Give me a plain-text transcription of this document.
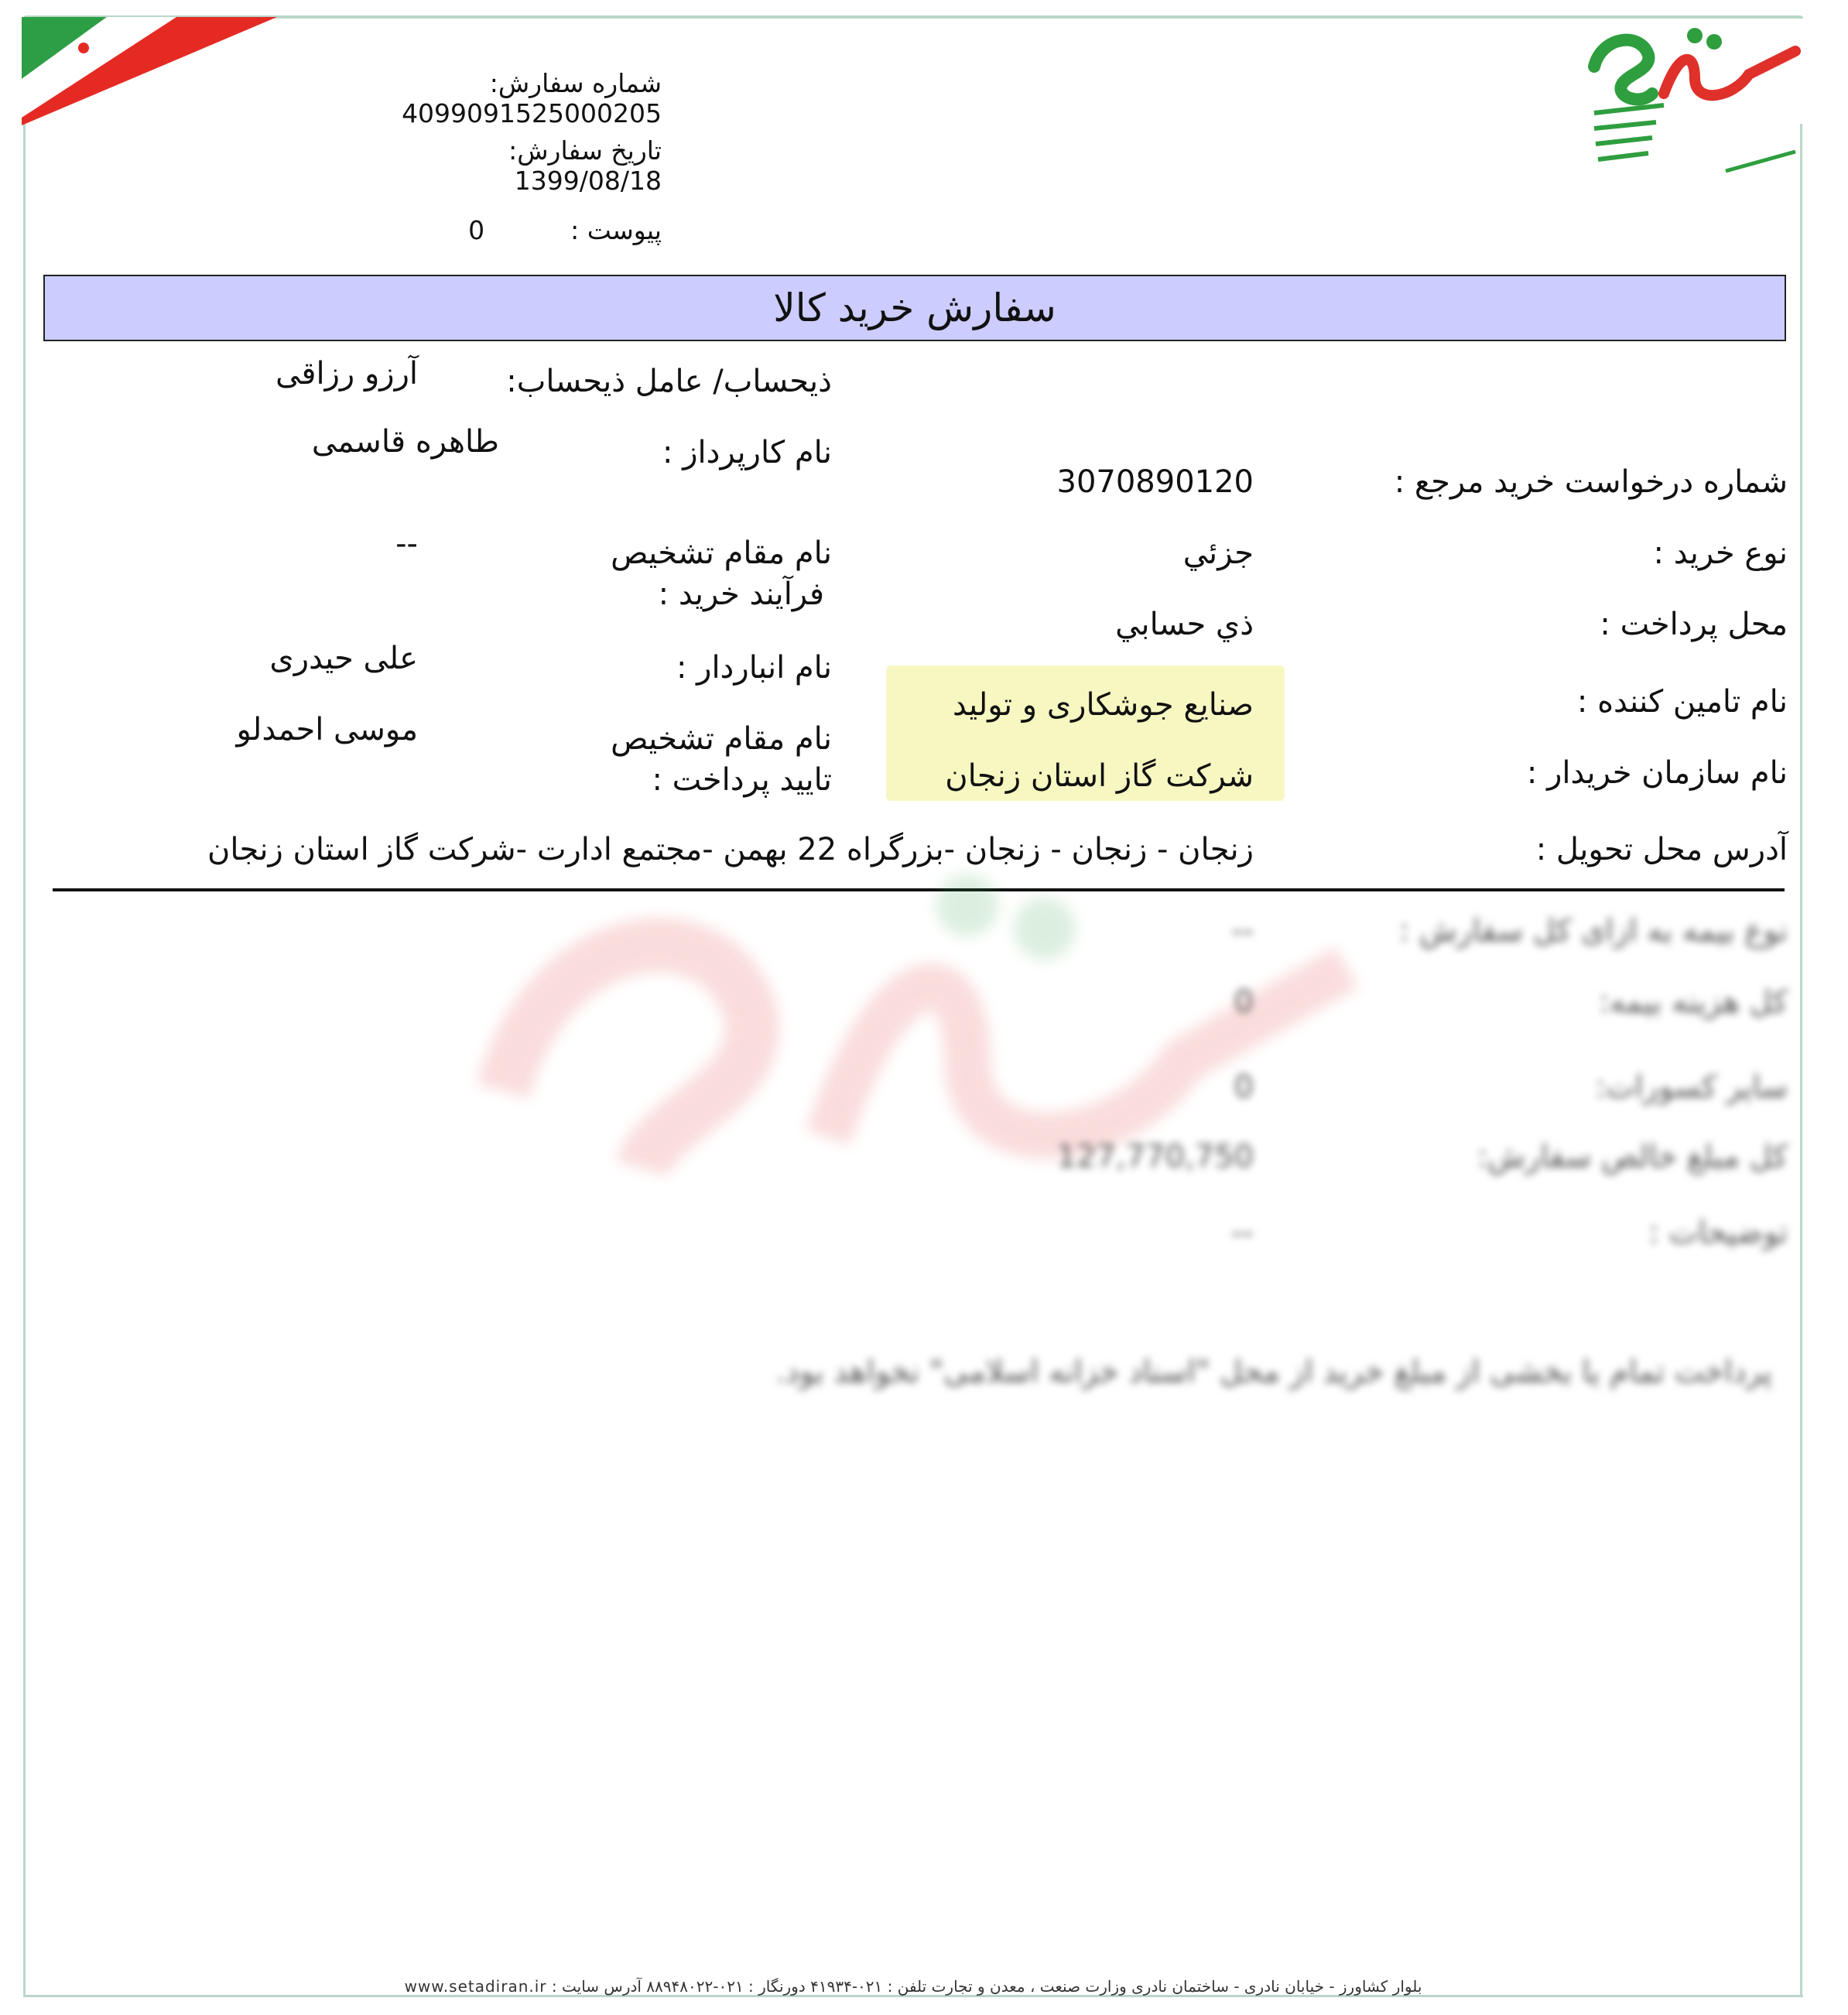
شماره سفارش: 4099091525000205
تاریخ سفارش:  1399/08/18
پیوست :  0
سفارش خرید کالا
شماره درخواست خرید مرجع :
نوع خرید :
محل پرداخت :
نام تامین کننده :
نام سازمان خریدار :
3070890120
جزئي
ذي حسابي
صنایع جوشکاری و تولید
شرکت گاز استان زنجان
ذیحساب/ عامل ذیحساب:
نام کارپرداز :
نام مقام تشخیص
فرآیند خرید :
نام انباردار :
نام مقام تشخیص
تایید پرداخت :
آرزو رزاقی
طاهره قاسمی
--
علی حیدری
موسی احمدلو
آدرس محل تحویل :
زنجان - زنجان - زنجان -بزرگراه 22 بهمن -مجتمع ادارت -شرکت گاز استان زنجان
نوع بیمه به ازای کل سفارش :
--
کل هزینه بیمه:
0
سایر کسورات:
0
کل مبلغ خالص سفارش:
127,770,750
توضیحات :
--
پرداخت تمام یا بخشی از مبلغ خرید از محل "اسناد خزانه اسلامی" نخواهد بود.
بلوار کشاورز - خیابان نادری - ساختمان نادری وزارت صنعت ، معدن و تجارت تلفن : ۰۲۱-۴۱۹۳۴ دورنگار : ۰۲۱-۸۸۹۴۸۰۲۲ آدرس سایت : www.setadiran.ir
